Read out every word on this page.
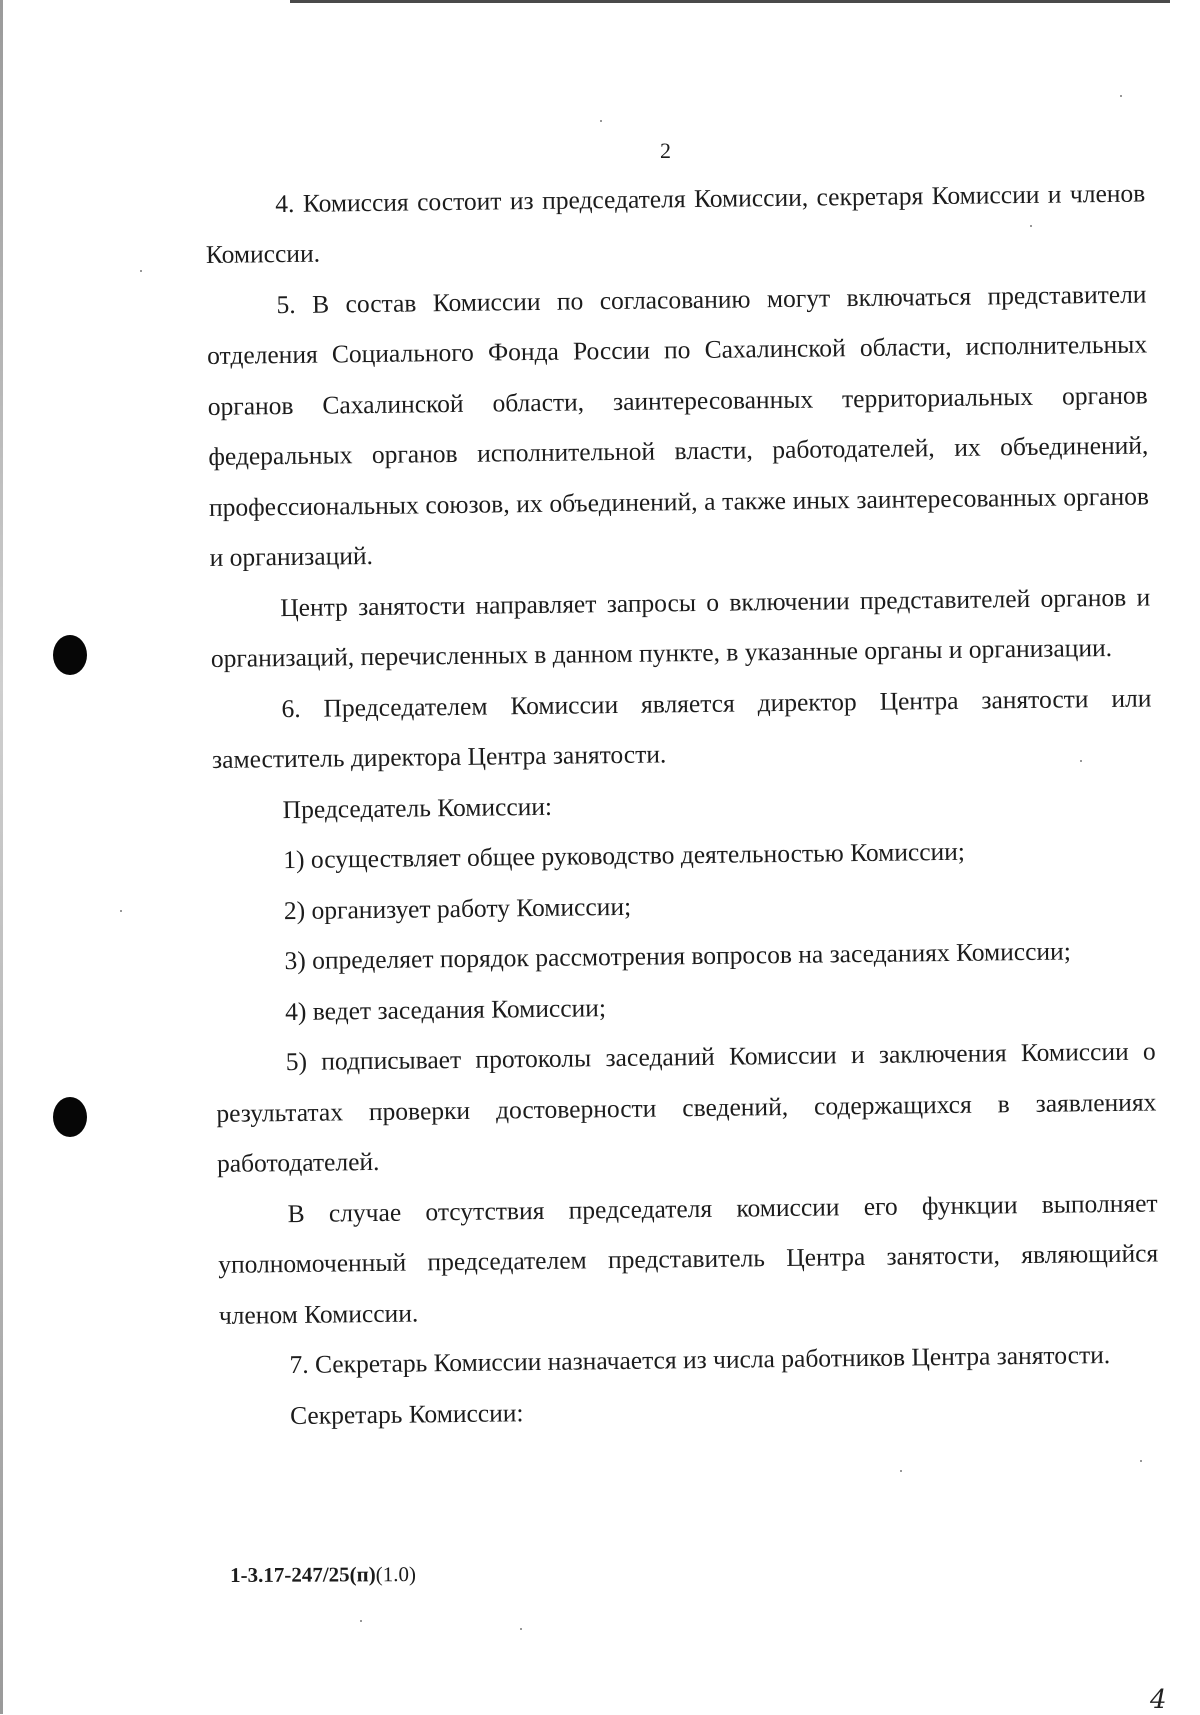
2

4. Комиссия состоит из председателя Комиссии, секретаря Комиссии и членов Комиссии.

5. В состав Комиссии по согласованию могут включаться представители отделения Социального Фонда России по Сахалинской области, исполнительных органов Сахалинской области, заинтересованных территориальных органов федеральных органов исполнительной власти, работодателей, их объединений, профессиональных союзов, их объединений, а также иных заинтересованных органов и организаций.

Центр занятости направляет запросы о включении представителей органов и организаций, перечисленных в данном пункте, в указанные органы и организации.

6. Председателем Комиссии является директор Центра занятости или заместитель директора Центра занятости.

Председатель Комиссии:

1) осуществляет общее руководство деятельностью Комиссии;

2) организует работу Комиссии;

3) определяет порядок рассмотрения вопросов на заседаниях Комиссии;

4) ведет заседания Комиссии;

5) подписывает протоколы заседаний Комиссии и заключения Комиссии о результатах проверки достоверности сведений, содержащихся в заявлениях работодателей.

В случае отсутствия председателя комиссии его функции выполняет уполномоченный председателем представитель Центра занятости, являющийся членом Комиссии.

7. Секретарь Комиссии назначается из числа работников Центра занятости.

Секретарь Комиссии:

1-3.17-247/25(п)(1.0)
4
